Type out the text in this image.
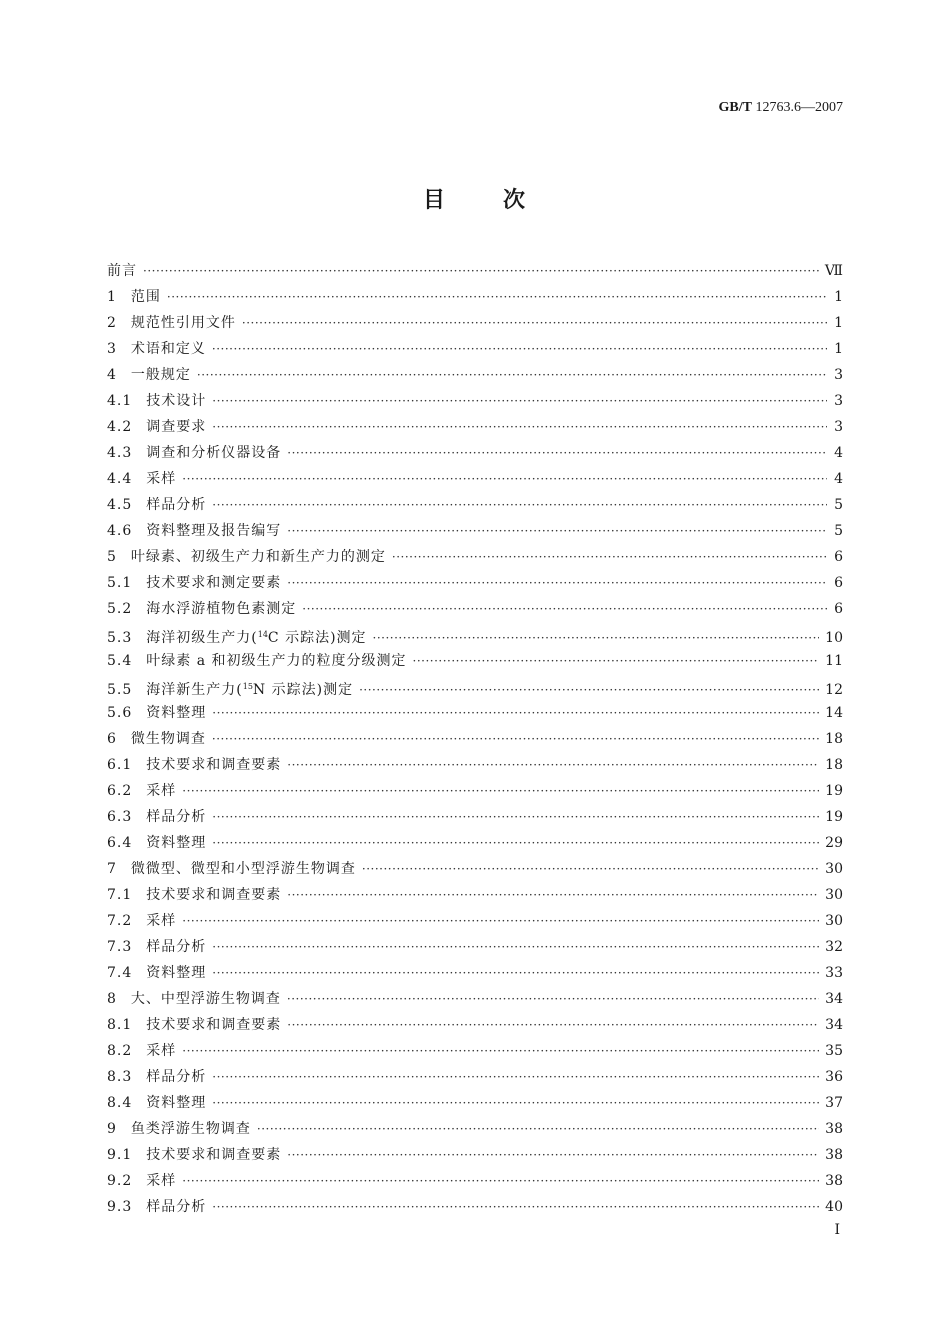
GB/T 12763.6—2007
目	次
前言 ·····	Ⅶ
1 范围 ·····	1
2 规范性引用文件 ·····	1
3 术语和定义 ·····	1
4 一般规定 ·····	3
4.1 技术设计 ·····	3
4.2 调查要求 ·····	3
4.3 调查和分析仪器设备 ·····	4
4.4 采样 ·····	4
4.5 样品分析 ·····	5
4.6 资料整理及报告编写 ·····	5
5 叶绿素、初级生产力和新生产力的测定 ·····	6
5.1 技术要求和测定要素 ·····	6
5.2 海水浮游植物色素测定 ·····	6
5.3 海洋初级生产力($^{14}$C 示踪法)测定 ·····	10
5.4 叶绿素 a 和初级生产力的粒度分级测定 ·····	11
5.5 海洋新生产力($^{15}$N 示踪法)测定 ·····	12
5.6 资料整理 ·····	14
6 微生物调查 ·····	18
6.1 技术要求和调查要素 ·····	18
6.2 采样 ·····	19
6.3 样品分析 ·····	19
6.4 资料整理 ·····	29
7 微微型、微型和小型浮游生物调查 ·····	30
7.1 技术要求和调查要素 ·····	30
7.2 采样 ·····	30
7.3 样品分析 ·····	32
7.4 资料整理 ·····	33
8 大、中型浮游生物调查 ·····	34
8.1 技术要求和调查要素 ·····	34
8.2 采样 ·····	35
8.3 样品分析 ·····	36
8.4 资料整理 ·····	37
9 鱼类浮游生物调查 ·····	38
9.1 技术要求和调查要素 ·····	38
9.2 采样 ·····	38
9.3 样品分析 ·····	40
I
